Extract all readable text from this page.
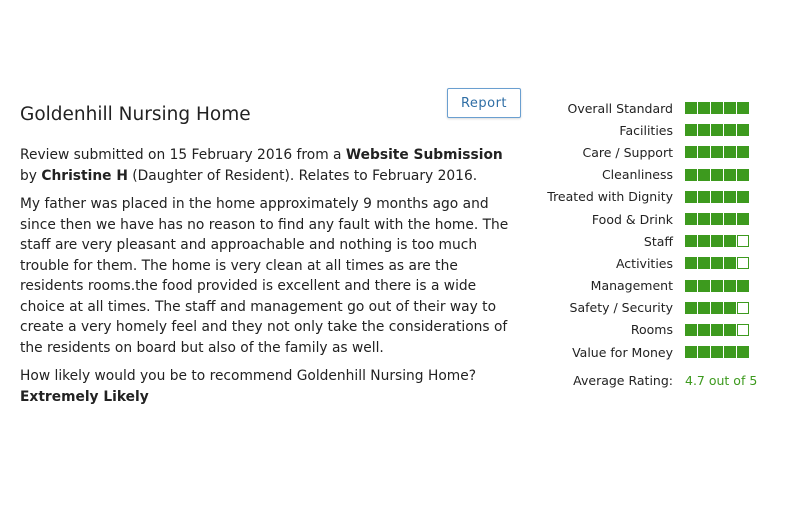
Goldenhill Nursing Home
Report

Review submitted on 15 February 2016 from a Website Submission by Christine H (Daughter of Resident). Relates to February 2016.

My father was placed in the home approximately 9 months ago and since then we have has no reason to find any fault with the home. The staff are very pleasant and approachable and nothing is too much trouble for them. The home is very clean at all times as are the residents rooms.the food provided is excellent and there is a wide choice at all times. The staff and management go out of their way to create a very homely feel and they not only take the considerations of the residents on board but also of the family as well.

How likely would you be to recommend Goldenhill Nursing Home?
Extremely Likely

Overall Standard
Facilities
Care / Support
Cleanliness
Treated with Dignity
Food & Drink
Staff
Activities
Management
Safety / Security
Rooms
Value for Money
Average Rating: 4.7 out of 5
